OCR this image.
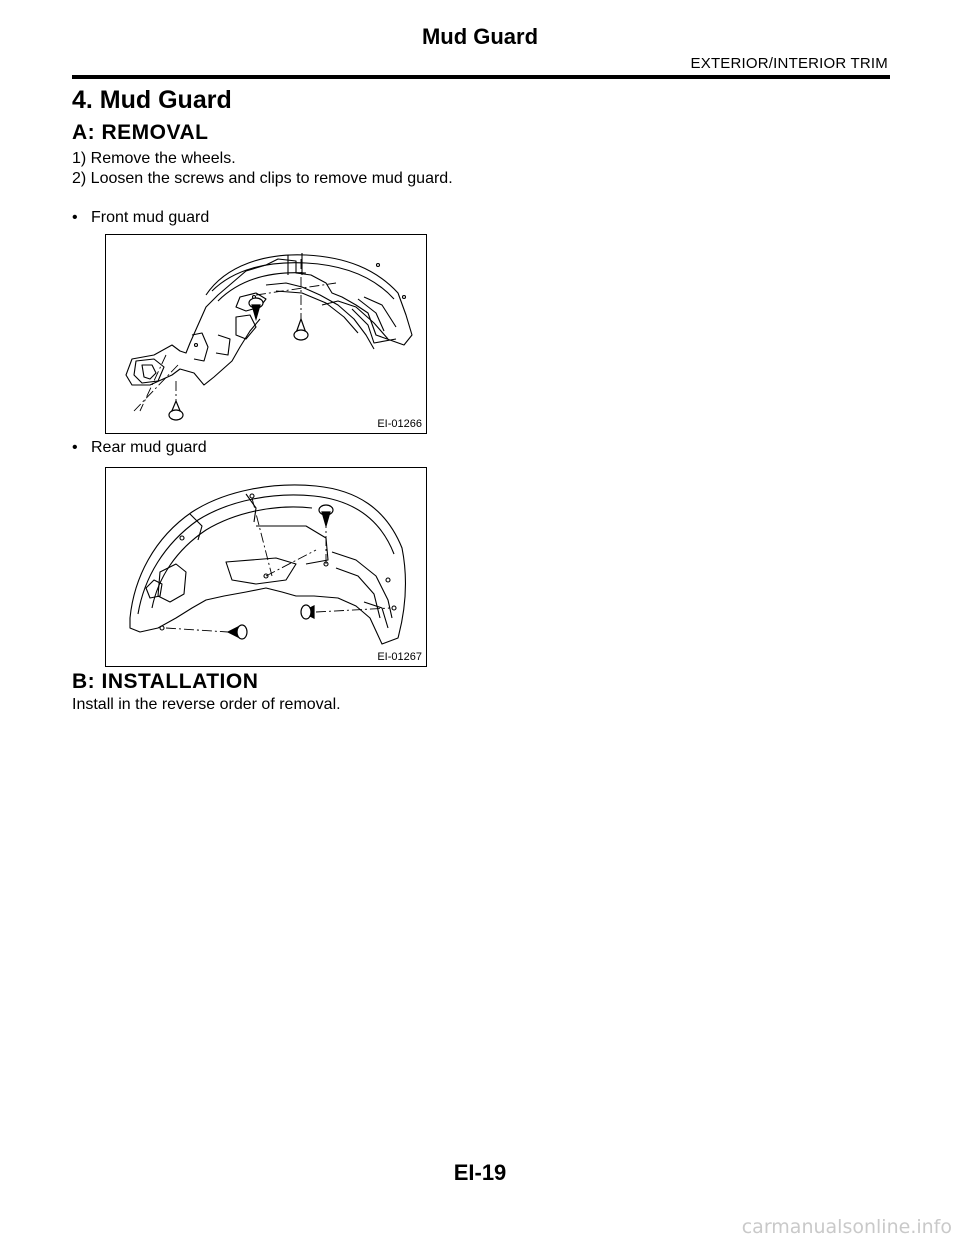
Mud Guard
EXTERIOR/INTERIOR TRIM
4. Mud Guard
A: REMOVAL
1) Remove the wheels.
2) Loosen the screws and clips to remove mud guard.
• Front mud guard
EI-01266
• Rear mud guard
EI-01267
B: INSTALLATION
Install in the reverse order of removal.
EI-19
carmanualsonline.info
